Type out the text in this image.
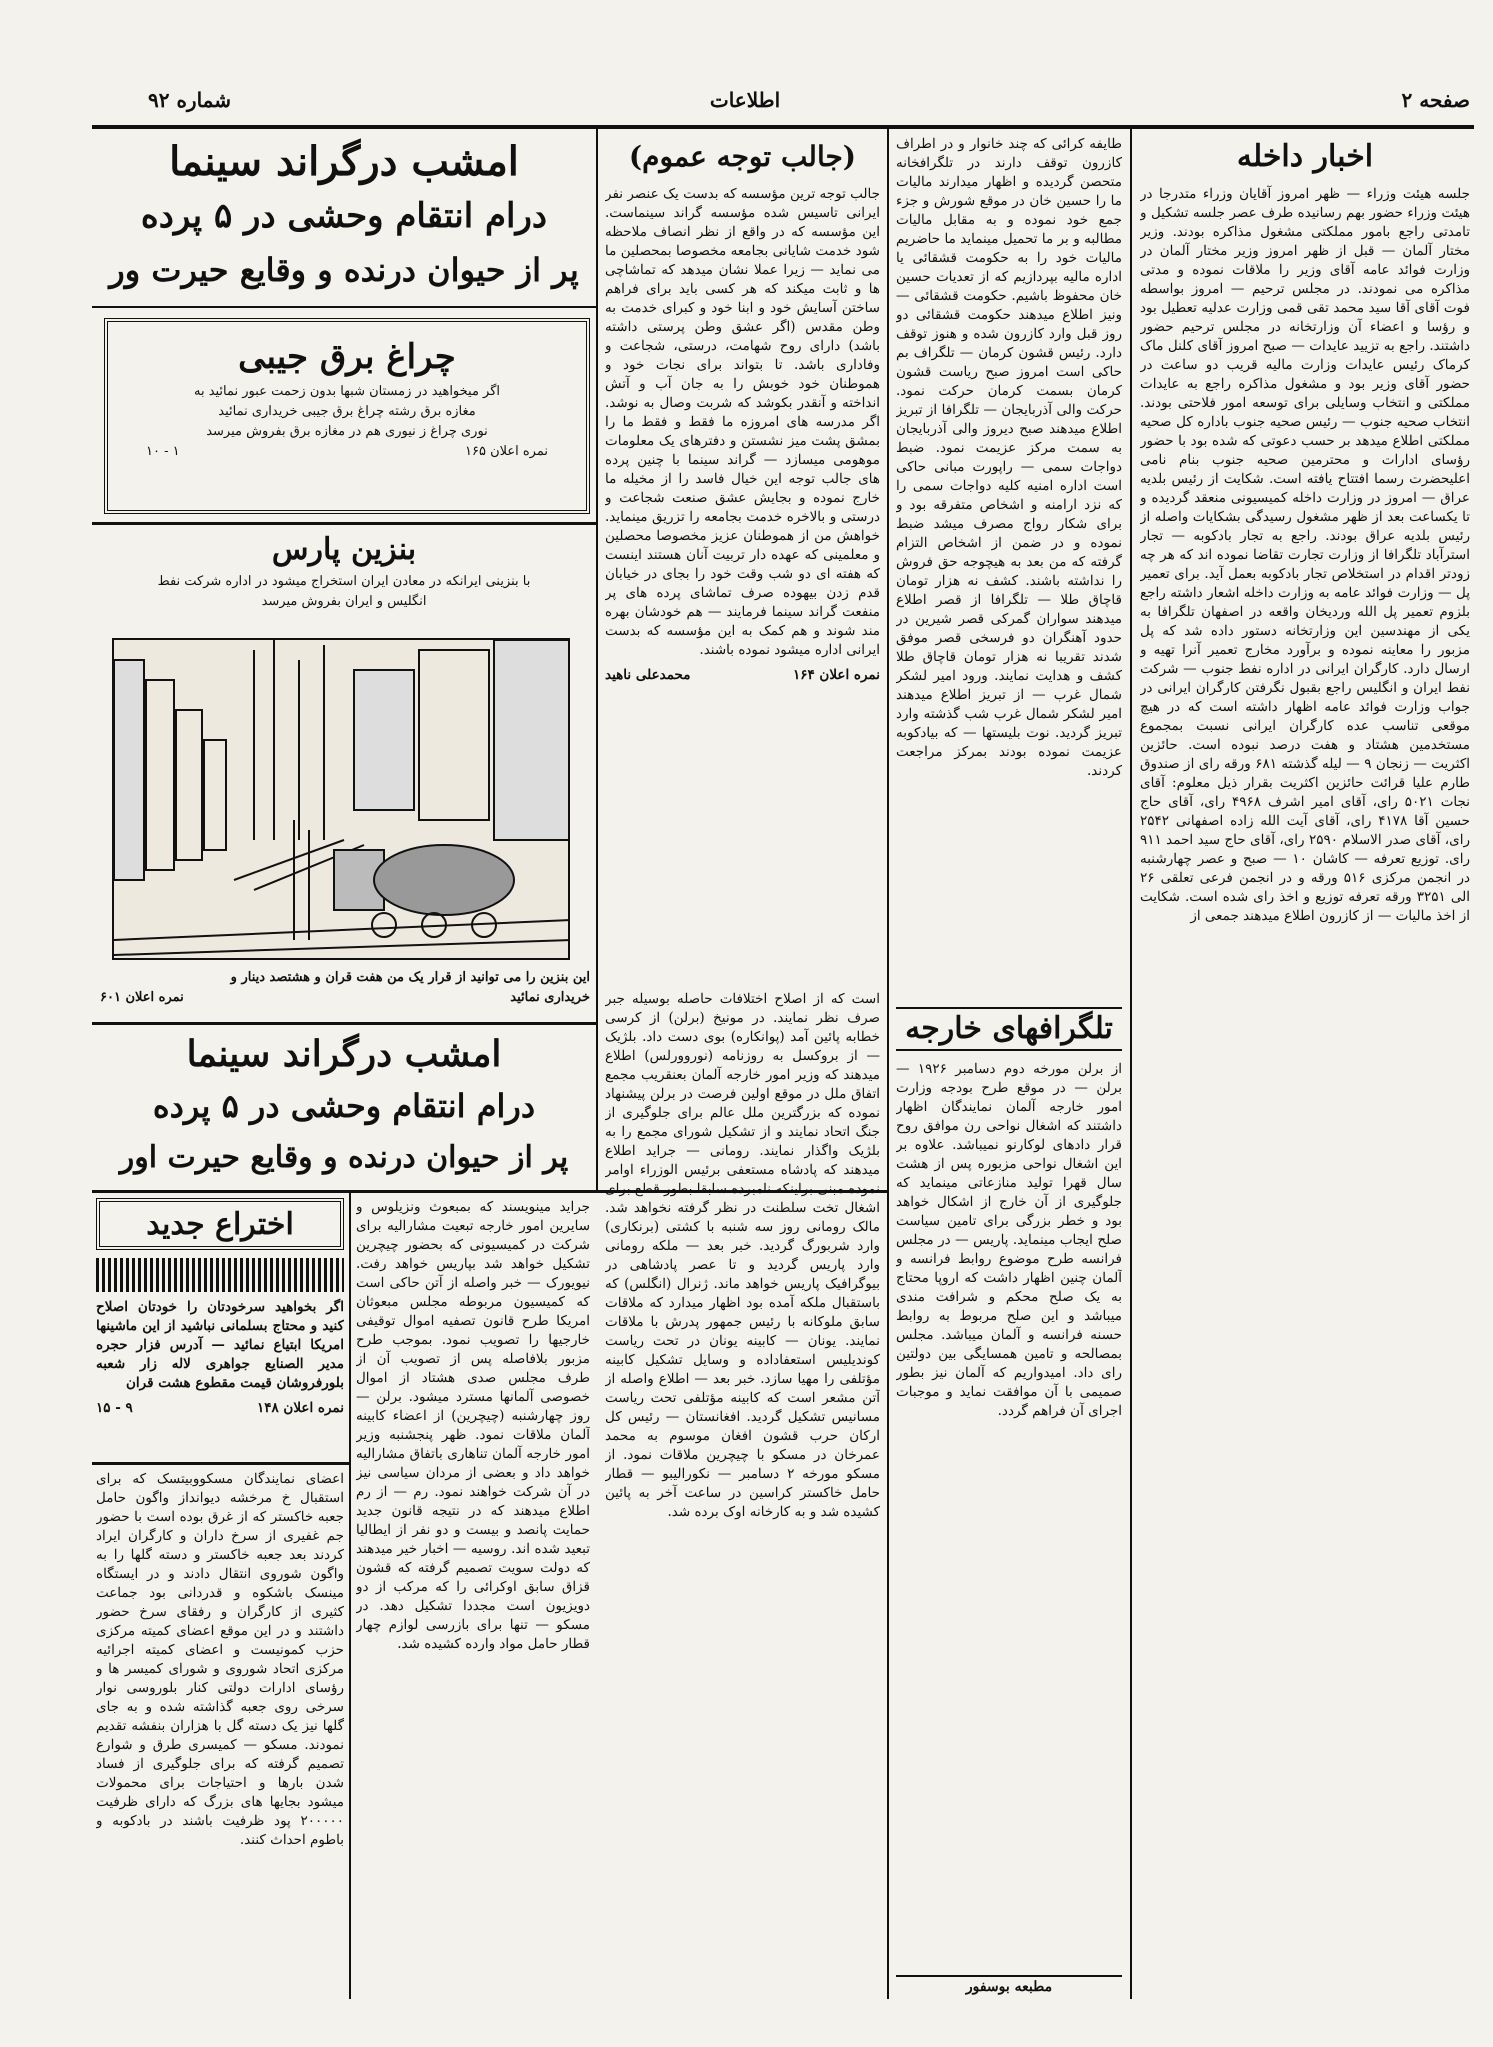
صفحه ۲
اطلاعات
شماره ۹۲
اخبار داخله

جلسه هیئت وزراء — ظهر امروز آقایان وزراء متدرجا در هیئت وزراء حضور بهم رسانیده طرف عصر جلسه تشکیل و تامدتی راجع بامور مملکتی مشغول مذاکره بودند. وزیر مختار آلمان — قبل از ظهر امروز وزیر مختار آلمان در وزارت فوائد عامه آقای وزیر را ملاقات نموده و مدتی مذاکره می نمودند. در مجلس ترحیم — امروز بواسطه فوت آقای آقا سید محمد تقی قمی وزارت عدلیه تعطیل بود و رؤسا و اعضاء آن وزارتخانه در مجلس ترحیم حضور داشتند. راجع به تزیید عایدات — صبح امروز آقای کلنل ماک کرماک رئیس عایدات وزارت مالیه قریب دو ساعت در حضور آقای وزیر بود و مشغول مذاکره راجع به عایدات مملکتی و انتخاب وسایلی برای توسعه امور فلاحتی بودند. انتخاب صحیه جنوب — رئیس صحیه جنوب باداره کل صحیه مملکتی اطلاع میدهد بر حسب دعوتی که شده بود با حضور رؤسای ادارات و محترمین صحیه جنوب بنام نامی اعلیحضرت رسما افتتاح یافته است. شکایت از رئیس بلدیه عراق — امروز در وزارت داخله کمیسیونی منعقد گردیده و تا یکساعت بعد از ظهر مشغول رسیدگی بشکایات واصله از رئیس بلدیه عراق بودند. راجع به تجار بادکوبه — تجار استرآباد تلگرافا از وزارت تجارت تقاضا نموده اند که هر چه زودتر اقدام در استخلاص تجار بادکوبه بعمل آید. برای تعمیر پل — وزارت فوائد عامه به وزارت داخله اشعار داشته راجع بلزوم تعمیر پل الله وردیخان واقعه در اصفهان تلگرافا به یکی از مهندسین این وزارتخانه دستور داده شد که پل مزبور را معاینه نموده و برآورد مخارج تعمیر آنرا تهیه و ارسال دارد. کارگران ایرانی در اداره نفط جنوب — شرکت نفط ایران و انگلیس راجع بقبول نگرفتن کارگران ایرانی در جواب وزارت فوائد عامه اظهار داشته است که در هیچ موقعی تناسب عده کارگران ایرانی نسبت بمجموع مستخدمین هشتاد و هفت درصد نبوده است. حائزین اکثریت — زنجان ۹ — لیله گذشته ۶۸۱ ورقه رای از صندوق طارم علیا قرائت حائزین اکثریت بقرار ذیل معلوم: آقای نجات ۵۰۲۱ رای، آقای امیر اشرف ۴۹۶۸ رای، آقای حاج حسین آقا ۴۱۷۸ رای، آقای آیت الله زاده اصفهانی ۲۵۴۲ رای، آقای صدر الاسلام ۲۵۹۰ رای، آقای حاج سید احمد ۹۱۱ رای. توزیع تعرفه — کاشان ۱۰ — صبح و عصر چهارشنبه در انجمن مرکزی ۵۱۶ ورقه و در انجمن فرعی تعلقی ۲۶ الی ۳۲۵۱ ورقه تعرفه توزیع و اخذ رای شده است. شکایت از اخذ مالیات — از کازرون اطلاع میدهند جمعی از

طایفه کرائی که چند خانوار و در اطراف کازرون توقف دارند در تلگرافخانه متحصن گردیده و اظهار میدارند مالیات ما را حسین خان در موقع شورش و جزء جمع خود نموده و به مقابل مالیات مطالبه و بر ما تحمیل مینماید ما حاضریم مالیات خود را به حکومت قشقائی یا اداره مالیه بپردازیم که از تعدیات حسین خان محفوظ باشیم. حکومت قشقائی — ونیز اطلاع میدهند حکومت قشقائی دو روز قبل وارد کازرون شده و هنوز توقف دارد. رئیس قشون کرمان — تلگراف بم حاکی است امروز صبح ریاست قشون کرمان بسمت کرمان حرکت نمود. حرکت والی آذربایجان — تلگرافا از تبریز اطلاع میدهند صبح دیروز والی آذربایجان به سمت مرکز عزیمت نمود. ضبط دواجات سمی — راپورت مبانی حاکی است اداره امنیه کلیه دواجات سمی را که نزد ارامنه و اشخاص متفرقه بود و برای شکار رواج مصرف میشد ضبط نموده و در ضمن از اشخاص التزام گرفته که من بعد به هیچوجه حق فروش را نداشته باشند. کشف نه هزار تومان قاچاق طلا — تلگرافا از قصر اطلاع میدهند سواران گمرکی قصر شیرین در حدود آهنگران دو فرسخی قصر موفق شدند تقریبا نه هزار تومان قاچاق طلا کشف و هدایت نمایند. ورود امیر لشکر شمال غرب — از تبریز اطلاع میدهند امیر لشکر شمال غرب شب گذشته وارد تبریز گردید. نوت بلیستها — که بیادکوبه عزیمت نموده بودند بمرکز مراجعت کردند.

تلگرافهای خارجه

از برلن مورخه دوم دسامبر ۱۹۲۶ — برلن — در موقع طرح بودجه وزارت امور خارجه آلمان نمایندگان اظهار داشتند که اشغال نواحی رن موافق روح قرار دادهای لوکارنو نمیباشد. علاوه بر این اشغال نواحی مزبوره پس از هشت سال قهرا تولید منازعاتی مینماید که جلوگیری از آن خارج از اشکال خواهد بود و خطر بزرگی برای تامین سیاست صلح ایجاب مینماید. پاریس — در مجلس فرانسه طرح موضوع روابط فرانسه و آلمان چنین اظهار داشت که اروپا محتاج به یک صلح محکم و شرافت مندی میباشد و این صلح مربوط به روابط حسنه فرانسه و آلمان میباشد. مجلس بمصالحه و تامین همسایگی بین دولتین رای داد. امیدواریم که آلمان نیز بطور صمیمی با آن موافقت نماید و موجبات اجرای آن فراهم گردد.

مطبعه بوسفور
(جالب توجه عموم)

جالب توجه ترین مؤسسه که بدست یک عنصر نفر ایرانی تاسیس شده مؤسسه گراند سینماست. این مؤسسه که در واقع از نظر انصاف ملاحظه شود خدمت شایانی بجامعه مخصوصا بمحصلین ما می نماید — زیرا عملا نشان میدهد که تماشاچی ها و ثابت میکند که هر کسی باید برای فراهم ساختن آسایش خود و ابنا خود و کبرای خدمت به وطن مقدس (اگر عشق وطن پرستی داشته باشد) دارای روح شهامت، درستی، شجاعت و وفاداری باشد. تا بتواند برای نجات خود و هموطنان خود خوبش را به جان آب و آتش انداخته و آنقدر بکوشد که شربت وصال به نوشد. اگر مدرسه های امروزه ما فقط و فقط ما را بمشق پشت میز نشستن و دفترهای یک معلومات موهومی میسازد — گراند سینما با چنین پرده های جالب توجه این خیال فاسد را از مخیله ما خارج نموده و بجایش عشق صنعت شجاعت و درستی و بالاخره خدمت بجامعه را تزریق مینماید. خواهش من از هموطنان عزیز مخصوصا محصلین و معلمینی که عهده دار تربیت آنان هستند اینست که هفته ای دو شب وقت خود را بجای در خیابان قدم زدن بیهوده صرف تماشای پرده های پر منفعت گراند سینما فرمایند — هم خودشان بهره مند شوند و هم کمک به این مؤسسه که بدست ایرانی اداره میشود نموده باشند.

نمره اعلان ۱۶۴
محمدعلی ناهید
امشب درگراند سینما
درام انتقام وحشی در ۵ پرده
پر از حیوان درنده و وقایع حیرت ور
چراغ برق جیبی
اگر میخواهید در زمستان شبها بدون زحمت عبور نمائید به
مغازه برق رشته چراغ برق جیبی خریداری نمائید
نوری چراغ ز نیوری هم در مغازه برق بفروش میرسد
نمره اعلان ۱۶۵
۱ - ۱۰
بنزین پارس
با بنزینی ایرانکه در معادن ایران استخراج میشود در اداره شرکت نفط
انگلیس و ایران بفروش میرسد
این بنزین را می توانید از قرار یک من هفت قران و هشتصد دینار و
خریداری نمائید
نمره اعلان ۶۰۱
امشب درگراند سینما
درام انتقام وحشی در ۵ پرده
پر از حیوان درنده و وقایع حیرت اور

است که از اصلاح اختلافات حاصله بوسیله جبر صرف نظر نمایند. در مونیخ (برلن) از کرسی خطابه پائین آمد (پوانکاره) بوی دست داد. بلژیک — از بروکسل به روزنامه (نوروورلس) اطلاع میدهند که وزیر امور خارجه آلمان بعنقریب مجمع اتفاق ملل در موقع اولین فرصت در برلن پیشنهاد نموده که بزرگترین ملل عالم برای جلوگیری از جنگ اتحاد نمایند و از تشکیل شورای مجمع را به بلژیک واگذار نمایند. رومانی — جراید اطلاع میدهند که پادشاه مستعفی برئیس الوزراء اوامر نموده مبنی براینکه نامبرده سابقا بطور قطع برای اشغال تخت سلطنت در نظر گرفته نخواهد شد. مالک رومانی روز سه شنبه با کشتی (برنکاری) وارد شربورگ گردید. خبر بعد — ملکه رومانی وارد پاریس گردید و تا عصر پادشاهی در بیوگرافیک پاریس خواهد ماند. ژنرال (انگلس) که باستقبال ملکه آمده بود اظهار میدارد که ملاقات سابق ملوکانه با رئیس جمهور پدرش با ملاقات نمایند. یونان — کابینه یونان در تحت ریاست کوندیلیس استعفاداده و وسایل تشکیل کابینه مؤتلفی را مهیا سازد. خبر بعد — اطلاع واصله از آتن مشعر است که کابینه مؤتلفی تحت ریاست مسانیس تشکیل گردید. افغانستان — رئیس کل ارکان حرب قشون افغان موسوم به محمد عمرخان در مسکو با چیچرین ملاقات نمود. از مسکو مورخه ۲ دسامبر — نکورالیبو — قطار حامل خاکستر کراسین در ساعت آخر به پائین کشیده شد و به کارخانه اوک برده شد.

جراید مینویسند که بمبعوث ونزیلوس و سایرین امور خارجه تبعیت مشارالیه برای شرکت در کمیسیونی که بحضور چیچرین تشکیل خواهد شد بپاریس خواهد رفت. نیویورک — خبر واصله از آتن حاکی است که کمیسیون مربوطه مجلس مبعوثان امریکا طرح قانون تصفیه اموال توقیفی خارجیها را تصویب نمود. بموجب طرح مزبور بلافاصله پس از تصویب آن از طرف مجلس صدی هشتاد از اموال خصوصی آلمانها مسترد میشود. برلن — روز چهارشنبه (چیچرین) از اعضاء کابینه آلمان ملاقات نمود. ظهر پنجشنبه وزیر امور خارجه آلمان تناهاری باتفاق مشارالیه خواهد داد و بعضی از مردان سیاسی نیز در آن شرکت خواهند نمود. رم — از رم اطلاع میدهند که در نتیجه قانون جدید حمایت پانصد و بیست و دو نفر از ایطالیا تبعید شده اند. روسیه — اخبار خیر میدهند که دولت سویت تصمیم گرفته که قشون قزاق سابق اوکرائی را که مرکب از دو دویزیون است مجددا تشکیل دهد. در مسکو — تنها برای بازرسی لوازم چهار قطار حامل مواد وارده کشیده شد.

اختراع جدید

اگر بخواهید سرخودتان را خودتان اصلاح کنید و محتاج بسلمانی نباشید از این ماشینها امریکا ابتیاع نمائید — آدرس فزار حجره مدیر الصنایع جواهری لاله زار شعبه بلورفروشان قیمت مقطوع هشت قران

نمره اعلان ۱۴۸
۹ - ۱۵

اعضای نمایندگان مسکووبیتسک که برای استقبال خ مرخشه دیوانداز واگون حامل جعبه خاکستر که از غرق بوده است با حضور جم غفیری از سرخ داران و کارگران ایراد کردند بعد جعبه خاکستر و دسته گلها را به واگون شوروی انتقال دادند و در ایستگاه مینسک باشکوه و قدردانی بود جماعت کثیری از کارگران و رفقای سرخ حضور داشتند و در این موقع اعضای کمیته مرکزی حزب کمونیست و اعضای کمیته اجرائیه مرکزی اتحاد شوروی و شورای کمیسر ها و رؤسای ادارات دولتی کنار بلوروسی نوار سرخی روی جعبه گذاشته شده و به جای گلها نیز یک دسته گل با هزاران بنفشه تقدیم نمودند. مسکو — کمیسری طرق و شوارع تصمیم گرفته که برای جلوگیری از فساد شدن بارها و احتیاجات برای محمولات میشود بجایها های بزرگ که دارای ظرفیت ۲۰۰۰۰۰ پود ظرفیت باشند در بادکوبه و باطوم احداث کنند.
